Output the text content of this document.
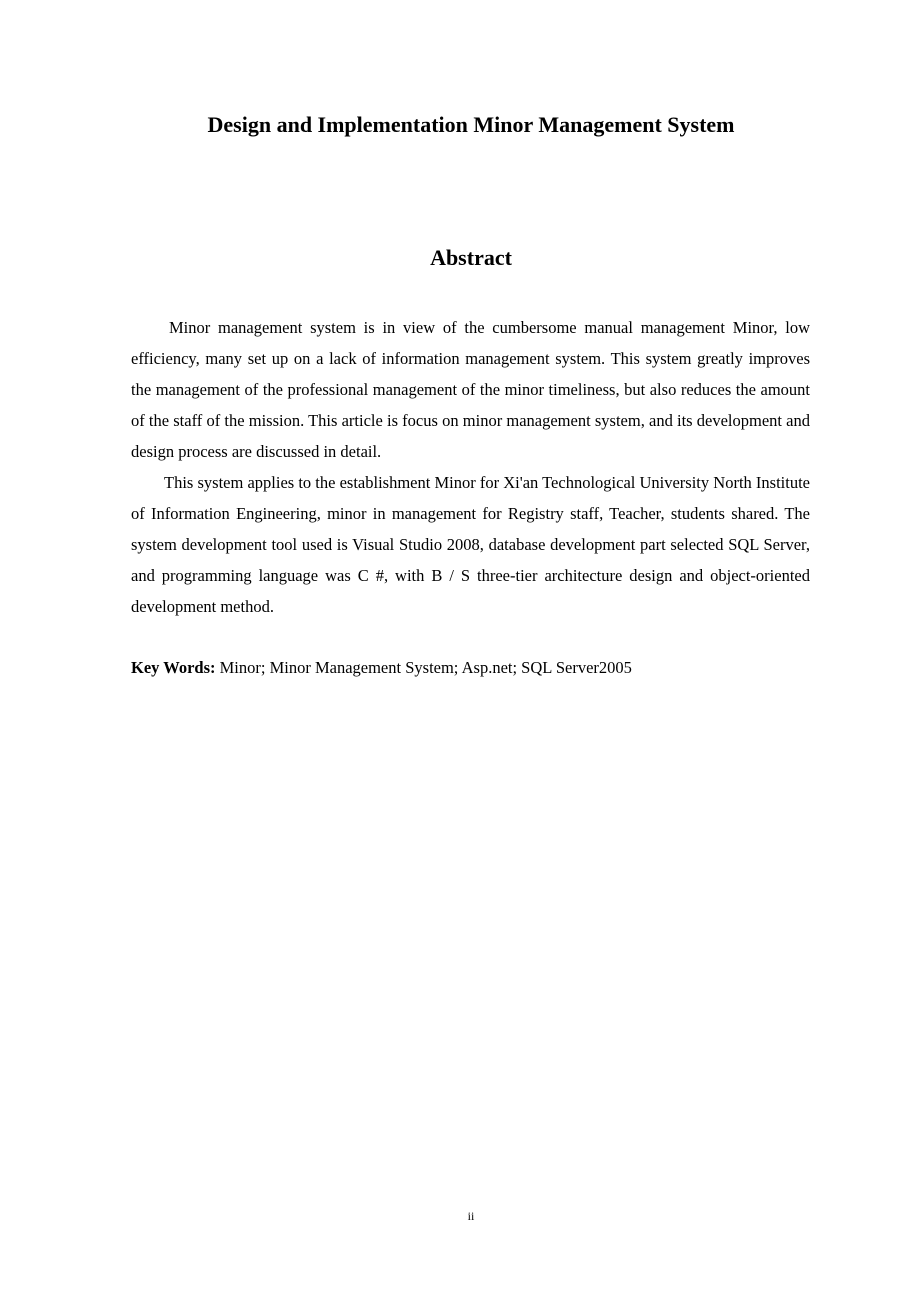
Design and Implementation Minor Management System
Abstract

Minor management system is in view of the cumbersome manual management Minor, low efficiency, many set up on a lack of information management system. This system greatly improves the management of the professional management of the minor timeliness, but also reduces the amount of the staff of the mission. This article is focus on minor management system, and its development and design process are discussed in detail.

This system applies to the establishment Minor for Xi'an Technological University North Institute of Information Engineering, minor in management for Registry staff, Teacher, students shared. The system development tool used is Visual Studio 2008, database development part selected SQL Server, and programming language was C #, with B / S three-tier architecture design and object-oriented development method.

Key Words: Minor; Minor Management System; Asp.net; SQL Server2005

ii
